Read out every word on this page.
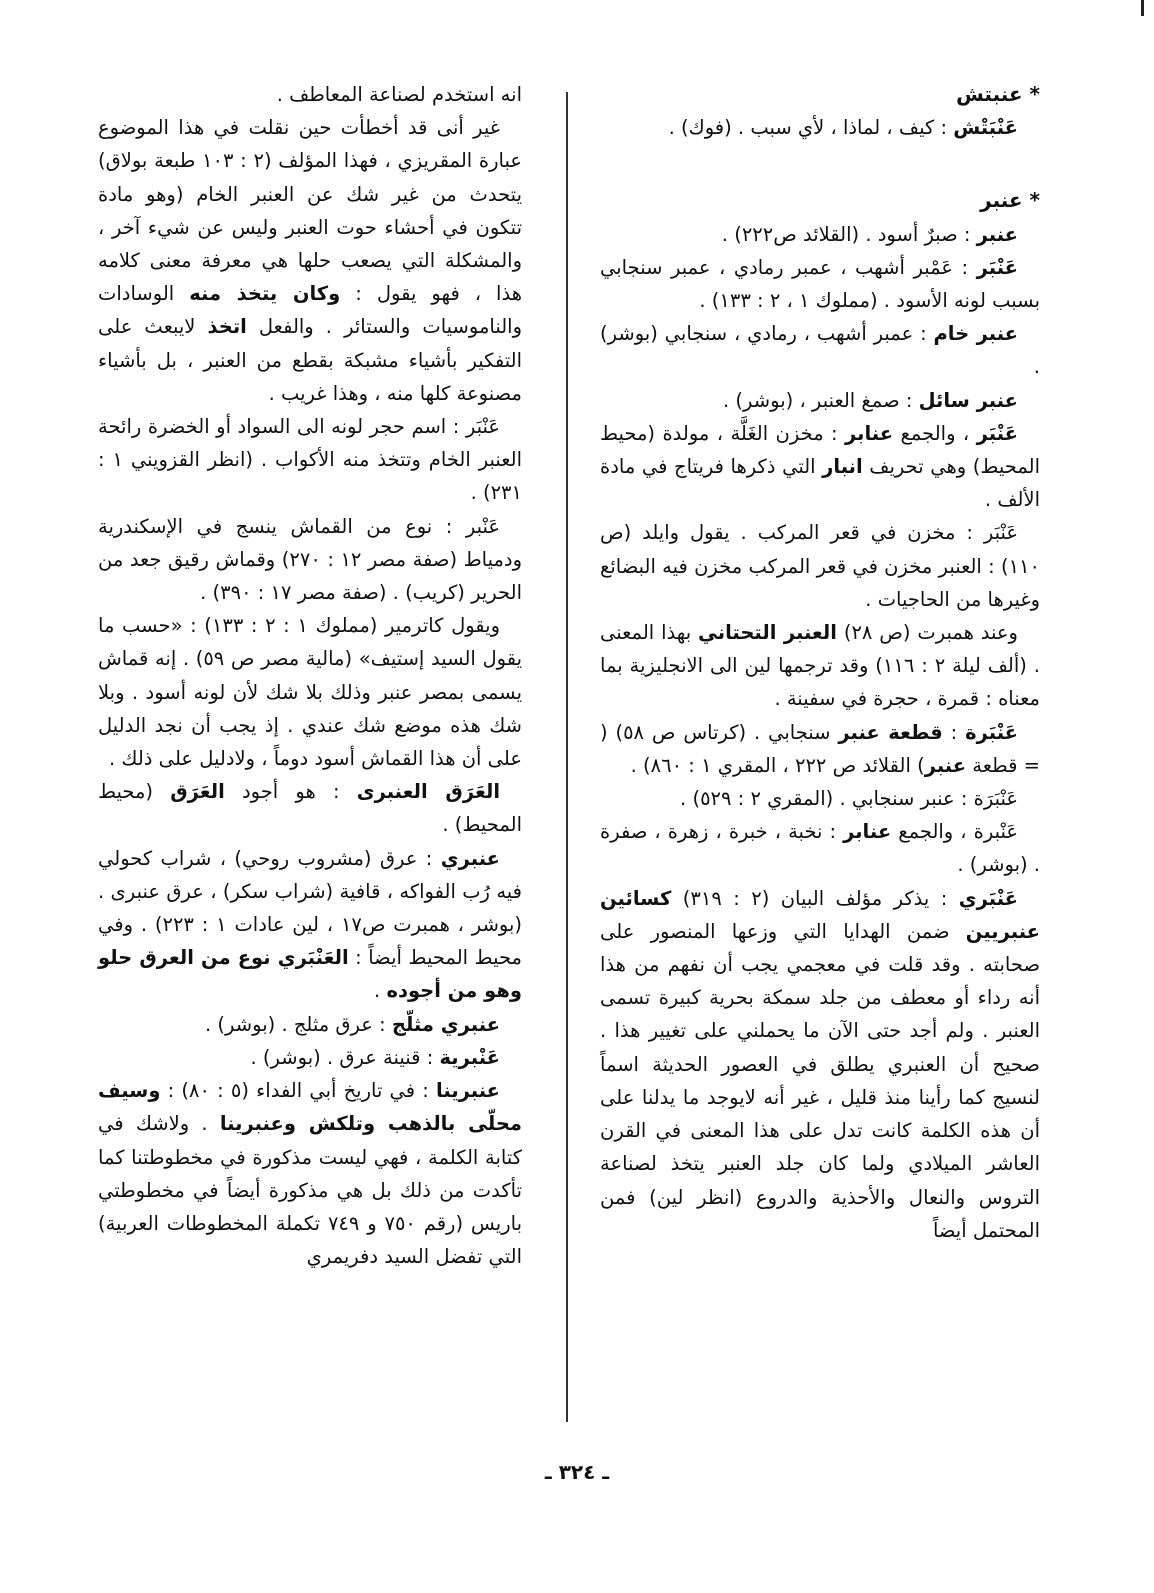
* عنبتش

عَنْبَتْش : كيف ، لماذا ، لأي سبب . (فوك) .

* عنبر

عنبر : صبرٌ أسود . (القلائد ص٢٢٢) .

عَنْبَر : عَمْبر أشهب ، عمبر رمادي ، عمبر سنجابي بسبب لونه الأسود . (مملوك ١ ، ٢ : ١٣٣) .

عنبر خام : عمبر أشهب ، رمادي ، سنجابي (بوشر) .

عنبر سائل : صمغ العنبر ، (بوشر) .

عَنْبَر ، والجمع عنابر : مخزن الغَلَّة ، مولدة (محيط المحيط) وهي تحريف انبار التي ذكرها فريتاج في مادة الألف .

عَنْبَر : مخزن في قعر المركب . يقول وايلد (ص ١١٠) : العنبر مخزن في قعر المركب مخزن فيه البضائع وغيرها من الحاجيات .

وعند همبرت (ص ٢٨) العنبر التحتاني بهذا المعنى . (ألف ليلة ٢ : ١١٦) وقد ترجمها لين الى الانجليزية بما معناه : قمرة ، حجرة في سفينة .

عَنْبَرة : قطعة عنبر سنجابي . (كرتاس ص ٥٨) ( = قطعة عنبر) القلائد ص ٢٢٢ ، المقري ١ : ٨٦٠) .

عَنْبَرَة : عنبر سنجابي . (المقري ٢ : ٥٢٩) .

عَنْبرة ، والجمع عنابر : نخبة ، خبرة ، زهرة ، صفرة . (بوشر) .

عَنْبَري : يذكر مؤلف البيان (٢ : ٣١٩) كسائين عنبريين ضمن الهدايا التي وزعها المنصور على صحابته . وقد قلت في معجمي يجب أن نفهم من هذا أنه رداء أو معطف من جلد سمكة بحرية كبيرة تسمى العنبر . ولم أجد حتى الآن ما يحملني على تغيير هذا . صحيح أن العنبري يطلق في العصور الحديثة اسماً لنسيج كما رأينا منذ قليل ، غير أنه لايوجد ما يدلنا على أن هذه الكلمة كانت تدل على هذا المعنى في القرن العاشر الميلادي ولما كان جلد العنبر يتخذ لصناعة التروس والنعال والأحذية والدروع (انظر لين) فمن المحتمل أيضاً

انه استخدم لصناعة المعاطف .

غير أنى قد أخطأت حين نقلت في هذا الموضوع عبارة المقريزي ، فهذا المؤلف (٢ : ١٠٣ طبعة بولاق) يتحدث من غير شك عن العنبر الخام (وهو مادة تتكون في أحشاء حوت العنبر وليس عن شيء آخر ، والمشكلة التي يصعب حلها هي معرفة معنى كلامه هذا ، فهو يقول : وكان يتخذ منه الوسادات والناموسيات والستائر . والفعل اتخذ لايبعث على التفكير بأشياء مشبكة بقطع من العنبر ، بل بأشياء مصنوعة كلها منه ، وهذا غريب .

عَنْبَر : اسم حجر لونه الى السواد أو الخضرة رائحة العنبر الخام وتتخذ منه الأكواب . (انظر القزويني ١ : ٢٣١) .

عَنْبر : نوع من القماش ينسج في الإسكندرية ودمياط (صفة مصر ١٢ : ٢٧٠) وقماش رقيق جعد من الحرير (كريب) . (صفة مصر ١٧ : ٣٩٠) .

ويقول كاترمير (مملوك ١ : ٢ : ١٣٣) : «حسب ما يقول السيد إستيف» (مالية مصر ص ٥٩) . إنه قماش يسمى بمصر عنبر وذلك بلا شك لأن لونه أسود . وبلا شك هذه موضع شك عندي . إذ يجب أن نجد الدليل على أن هذا القماش أسود دوماً ، ولادليل على ذلك .

العَرَق العنبرى : هو أجود العَرَق (محيط المحيط) .

عنبري : عرق (مشروب روحي) ، شراب كحولي فيه رُب الفواكه ، قافية (شراب سكر) ، عرق عنبرى . (بوشر ، همبرت ص١٧ ، لين عادات ١ : ٢٢٣) . وفي محيط المحيط أيضاً : العَنْبَري نوع من العرق حلو وهو من أجوده .

عنبري مثلّج : عرق مثلج . (بوشر) .

عَنْبرية : قنينة عرق . (بوشر) .

عنبرينا : في تاريخ أبي الفداء (٥ : ٨٠) : وسيف محلّى بالذهب وتلكش وعنبرينا . ولاشك في كتابة الكلمة ، فهي ليست مذكورة في مخطوطتنا كما تأكدت من ذلك بل هي مذكورة أيضاً في مخطوطتي باريس (رقم ٧٥٠ و ٧٤٩ تكملة المخطوطات العربية) التي تفضل السيد دفريمري

ـ ٣٢٤ ـ
